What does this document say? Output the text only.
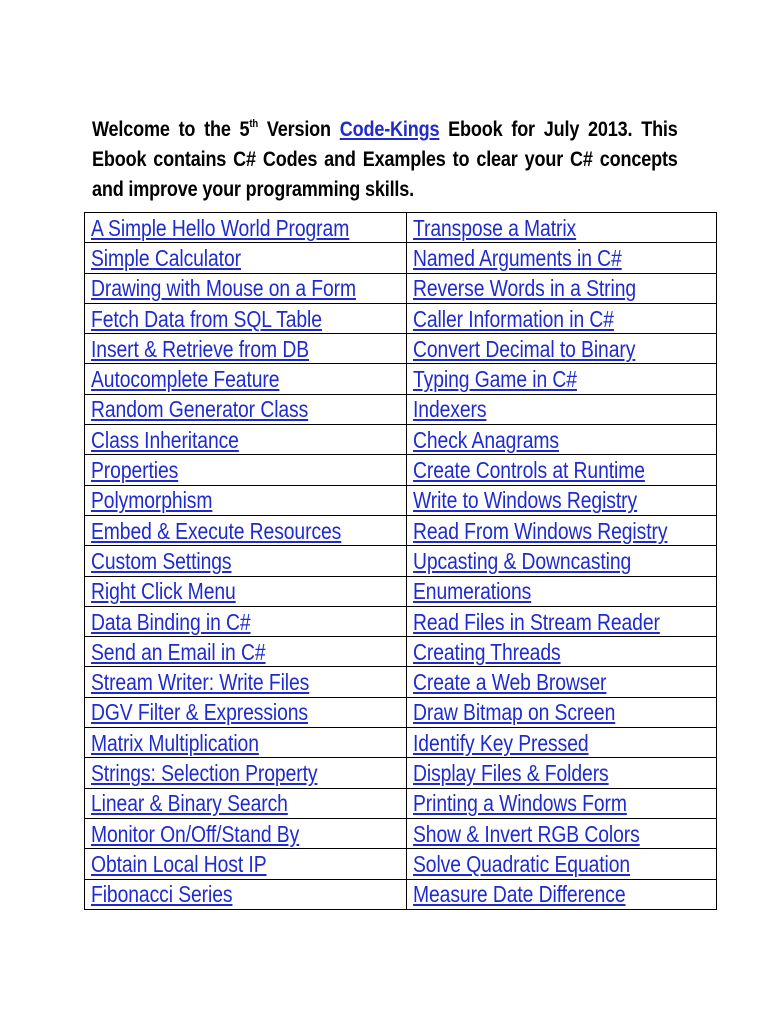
Welcome to the 5th Version Code-Kings Ebook for July 2013. This Ebook contains C# Codes and Examples to clear your C# concepts and improve your programming skills.

A Simple Hello World Program	Transpose a Matrix
Simple Calculator	Named Arguments in C#
Drawing with Mouse on a Form	Reverse Words in a String
Fetch Data from SQL Table	Caller Information in C#
Insert & Retrieve from DB	Convert Decimal to Binary
Autocomplete Feature	Typing Game in C#
Random Generator Class	Indexers
Class Inheritance	Check Anagrams
Properties	Create Controls at Runtime
Polymorphism	Write to Windows Registry
Embed & Execute Resources	Read From Windows Registry
Custom Settings	Upcasting & Downcasting
Right Click Menu	Enumerations
Data Binding in C#	Read Files in Stream Reader
Send an Email in C#	Creating Threads
Stream Writer: Write Files	Create a Web Browser
DGV Filter & Expressions	Draw Bitmap on Screen
Matrix Multiplication	Identify Key Pressed
Strings: Selection Property	Display Files & Folders
Linear & Binary Search	Printing a Windows Form
Monitor On/Off/Stand By	Show & Invert RGB Colors
Obtain Local Host IP	Solve Quadratic Equation
Fibonacci Series	Measure Date Difference
